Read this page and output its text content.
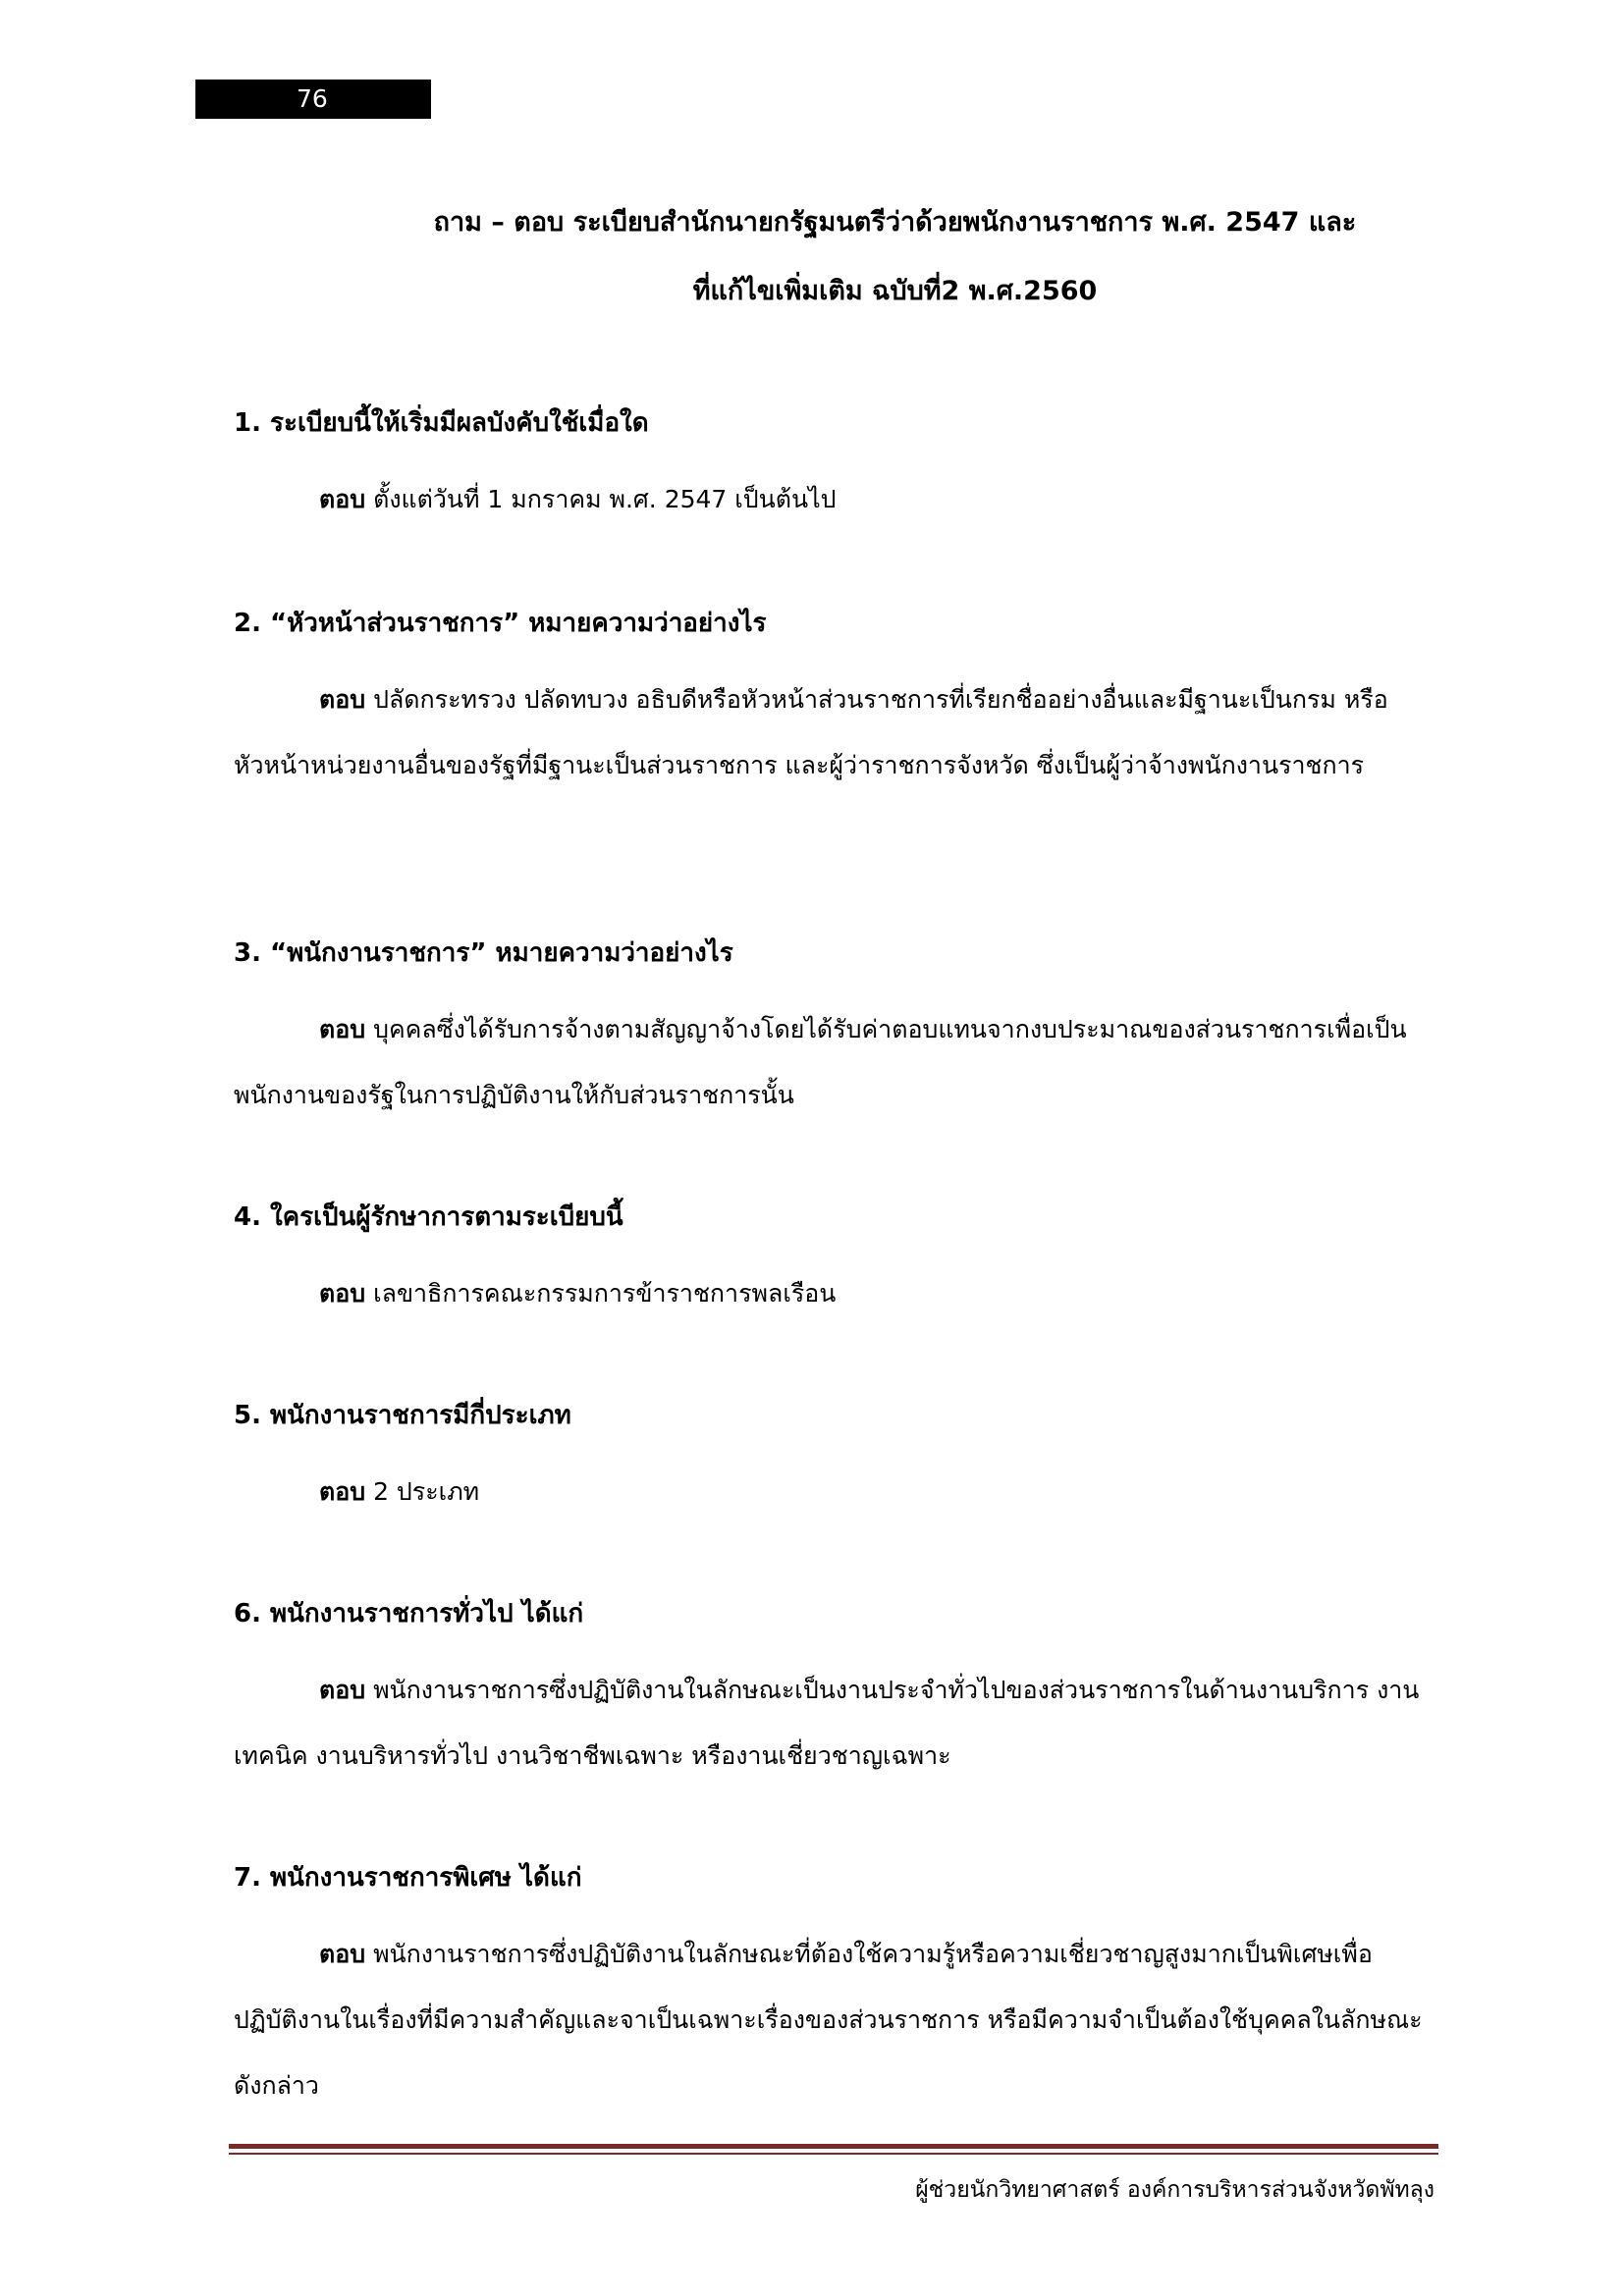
76
ถาม – ตอบ ระเบียบสำนักนายกรัฐมนตรีว่าด้วยพนักงานราชการ พ.ศ. 2547 และ
ที่แก้ไขเพิ่มเติม ฉบับที่2 พ.ศ.2560

1. ระเบียบนี้ให้เริ่มมีผลบังคับใช้เมื่อใด

ตอบ ตั้งแต่วันที่ 1 มกราคม พ.ศ. 2547 เป็นต้นไป

2. “หัวหน้าส่วนราชการ” หมายความว่าอย่างไร

ตอบ ปลัดกระทรวง ปลัดทบวง อธิบดีหรือหัวหน้าส่วนราชการที่เรียกชื่ออย่างอื่นและมีฐานะเป็นกรม หรือหัวหน้าหน่วยงานอื่นของรัฐที่มีฐานะเป็นส่วนราชการ และผู้ว่าราชการจังหวัด ซึ่งเป็นผู้ว่าจ้างพนักงานราชการ

3. “พนักงานราชการ” หมายความว่าอย่างไร

ตอบ บุคคลซึ่งได้รับการจ้างตามสัญญาจ้างโดยได้รับค่าตอบแทนจากงบประมาณของส่วนราชการเพื่อเป็นพนักงานของรัฐในการปฏิบัติงานให้กับส่วนราชการนั้น

4. ใครเป็นผู้รักษาการตามระเบียบนี้

ตอบ เลขาธิการคณะกรรมการข้าราชการพลเรือน

5. พนักงานราชการมีกี่ประเภท

ตอบ 2 ประเภท

6. พนักงานราชการทั่วไป ได้แก่

ตอบ พนักงานราชการซึ่งปฏิบัติงานในลักษณะเป็นงานประจำทั่วไปของส่วนราชการในด้านงานบริการ งานเทคนิค งานบริหารทั่วไป งานวิชาชีพเฉพาะ หรืองานเชี่ยวชาญเฉพาะ

7. พนักงานราชการพิเศษ ได้แก่

ตอบ พนักงานราชการซึ่งปฏิบัติงานในลักษณะที่ต้องใช้ความรู้หรือความเชี่ยวชาญสูงมากเป็นพิเศษเพื่อปฏิบัติงานในเรื่องที่มีความสำคัญและจาเป็นเฉพาะเรื่องของส่วนราชการ หรือมีความจำเป็นต้องใช้บุคคลในลักษณะดังกล่าว

ผู้ช่วยนักวิทยาศาสตร์ องค์การบริหารส่วนจังหวัดพัทลุง
